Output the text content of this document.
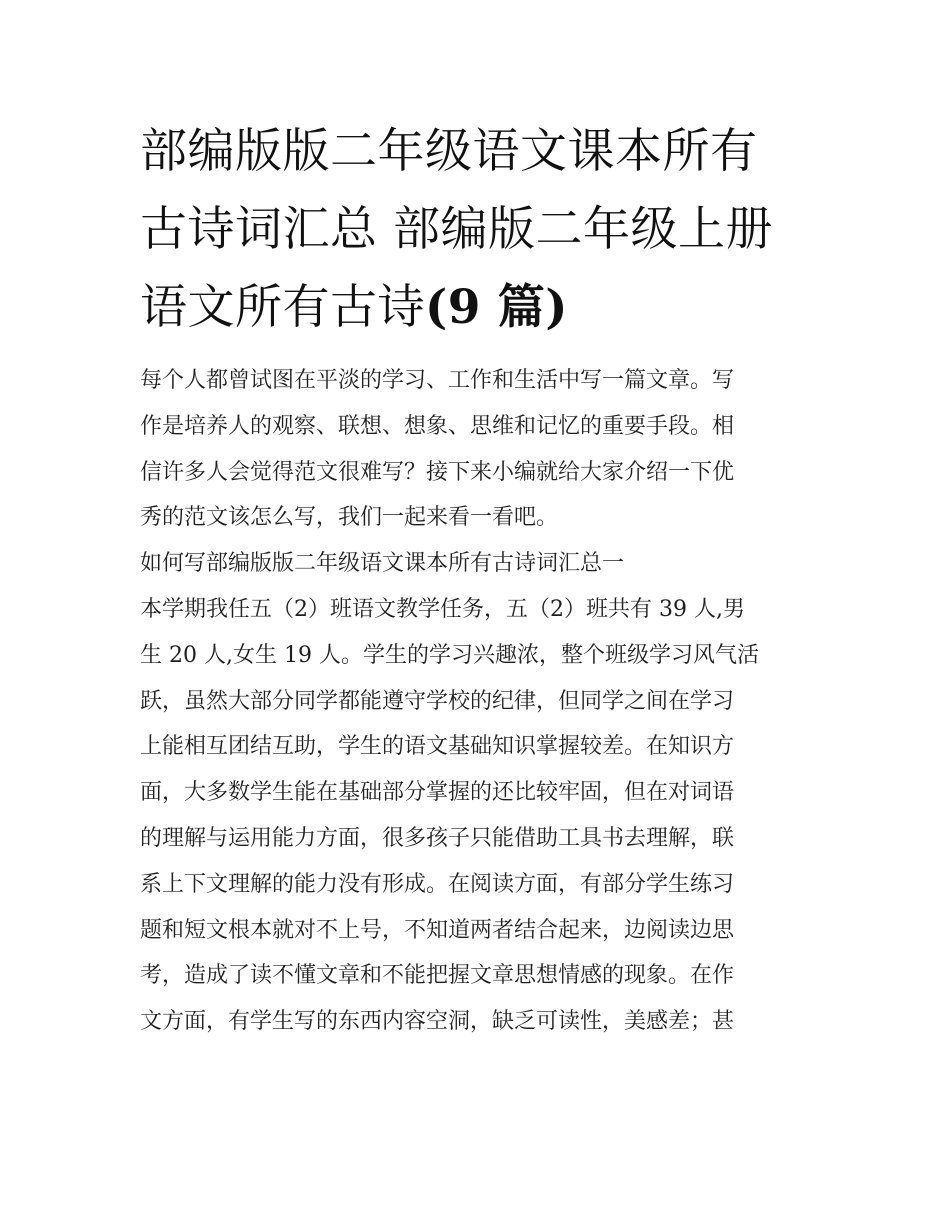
部编版版二年级语文课本所有
古诗词汇总 部编版二年级上册
语文所有古诗(9 篇)
每个人都曾试图在平淡的学习、工作和生活中写一篇文章。写
作是培养人的观察、联想、想象、思维和记忆的重要手段。相
信许多人会觉得范文很难写？接下来小编就给大家介绍一下优
秀的范文该怎么写，我们一起来看一看吧。
如何写部编版版二年级语文课本所有古诗词汇总一
本学期我任五（2）班语文教学任务，五（2）班共有 39 人,男
生 20 人,女生 19 人。学生的学习兴趣浓，整个班级学习风气活
跃，虽然大部分同学都能遵守学校的纪律，但同学之间在学习
上能相互团结互助，学生的语文基础知识掌握较差。在知识方
面，大多数学生能在基础部分掌握的还比较牢固，但在对词语
的理解与运用能力方面，很多孩子只能借助工具书去理解，联
系上下文理解的能力没有形成。在阅读方面，有部分学生练习
题和短文根本就对不上号，不知道两者结合起来，边阅读边思
考，造成了读不懂文章和不能把握文章思想情感的现象。在作
文方面，有学生写的东西内容空洞，缺乏可读性，美感差；甚
